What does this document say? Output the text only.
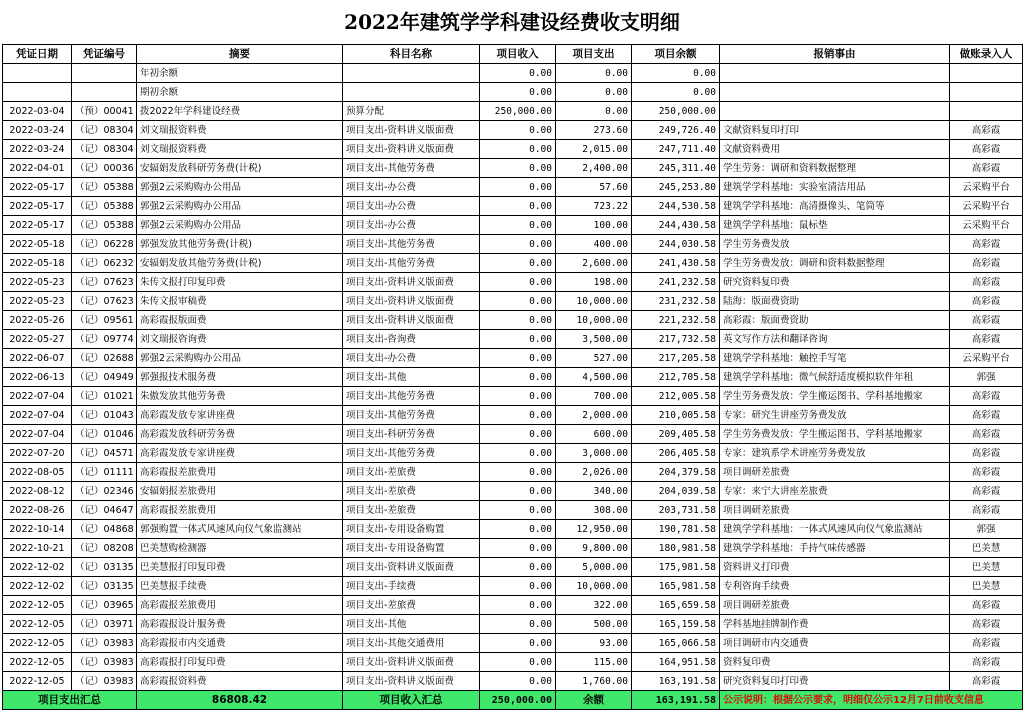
2022年建筑学学科建设经费收支明细
凭证日期	凭证编号	摘要	科目名称	项目收入	项目支出	项目余额	报销事由	做账录入人
		年初余额		0.00	0.00	0.00		
		期初余额		0.00	0.00	0.00		
2022-03-04	（预）00041	拨2022年学科建设经费	预算分配	250,000.00	0.00	250,000.00		
2022-03-24	（记）08304	刘文瑞报资料费	项目支出-资料讲义版面费	0.00	273.60	249,726.40	文献资料复印打印	高彩霞
2022-03-24	（记）08304	刘文瑞报资料费	项目支出-资料讲义版面费	0.00	2,015.00	247,711.40	文献资料费用	高彩霞
2022-04-01	（记）00036	安辐娟发放科研劳务费(计税)	项目支出-其他劳务费	0.00	2,400.00	245,311.40	学生劳务：调研和资料数据整理	高彩霞
2022-05-17	（记）05388	郭强2云采购购办公用品	项目支出-办公费	0.00	57.60	245,253.80	建筑学学科基地：实验室清洁用品	云采购平台
2022-05-17	（记）05388	郭强2云采购购办公用品	项目支出-办公费	0.00	723.22	244,530.58	建筑学学科基地：高清摄像头、笔筒等	云采购平台
2022-05-17	（记）05388	郭强2云采购购办公用品	项目支出-办公费	0.00	100.00	244,430.58	建筑学学科基地：鼠标垫	云采购平台
2022-05-18	（记）06228	郭强发放其他劳务费(计税)	项目支出-其他劳务费	0.00	400.00	244,030.58	学生劳务费发放	高彩霞
2022-05-18	（记）06232	安辐娟发放其他劳务费(计税)	项目支出-其他劳务费	0.00	2,600.00	241,430.58	学生劳务费发放：调研和资料数据整理	高彩霞
2022-05-23	（记）07623	朱传文报打印复印费	项目支出-资料讲义版面费	0.00	198.00	241,232.58	研究资料复印费	高彩霞
2022-05-23	（记）07623	朱传文报审稿费	项目支出-资料讲义版面费	0.00	10,000.00	231,232.58	陆海：版面费资助	高彩霞
2022-05-26	（记）09561	高彩霞报版面费	项目支出-资料讲义版面费	0.00	10,000.00	221,232.58	高彩霞：版面费资助	高彩霞
2022-05-27	（记）09774	刘文瑞报咨询费	项目支出-咨询费	0.00	3,500.00	217,732.58	英文写作方法和翻译咨询	高彩霞
2022-06-07	（记）02688	郭强2云采购购办公用品	项目支出-办公费	0.00	527.00	217,205.58	建筑学学科基地：触控手写笔	云采购平台
2022-06-13	（记）04949	郭强报技术服务费	项目支出-其他	0.00	4,500.00	212,705.58	建筑学学科基地：微气候舒适度模拟软件年租	郭强
2022-07-04	（记）01021	朱傲发放其他劳务费	项目支出-其他劳务费	0.00	700.00	212,005.58	学生劳务费发放：学生搬运图书、学科基地搬家	高彩霞
2022-07-04	（记）01043	高彩霞发放专家讲座费	项目支出-其他劳务费	0.00	2,000.00	210,005.58	专家：研究生讲座劳务费发放	高彩霞
2022-07-04	（记）01046	高彩霞发放科研劳务费	项目支出-科研劳务费	0.00	600.00	209,405.58	学生劳务费发放：学生搬运图书、学科基地搬家	高彩霞
2022-07-20	（记）04571	高彩霞发放专家讲座费	项目支出-其他劳务费	0.00	3,000.00	206,405.58	专家：建筑系学术讲座劳务费发放	高彩霞
2022-08-05	（记）01111	高彩霞报差旅费用	项目支出-差旅费	0.00	2,026.00	204,379.58	项目调研差旅费	高彩霞
2022-08-12	（记）02346	安辐娟报差旅费用	项目支出-差旅费	0.00	340.00	204,039.58	专家：来宁大讲座差旅费	高彩霞
2022-08-26	（记）04647	高彩霞报差旅费用	项目支出-差旅费	0.00	308.00	203,731.58	项目调研差旅费	高彩霞
2022-10-14	（记）04868	郭强购置一体式风速风向仪气象监测站	项目支出-专用设备购置	0.00	12,950.00	190,781.58	建筑学学科基地：一体式风速风向仪气象监测站	郭强
2022-10-21	（记）08208	巴美慧购检测器	项目支出-专用设备购置	0.00	9,800.00	180,981.58	建筑学学科基地：手持气味传感器	巴美慧
2022-12-02	（记）03135	巴美慧报打印复印费	项目支出-资料讲义版面费	0.00	5,000.00	175,981.58	资料讲义打印费	巴美慧
2022-12-02	（记）03135	巴美慧报手续费	项目支出-手续费	0.00	10,000.00	165,981.58	专利咨询手续费	巴美慧
2022-12-05	（记）03965	高彩霞报差旅费用	项目支出-差旅费	0.00	322.00	165,659.58	项目调研差旅费	高彩霞
2022-12-05	（记）03971	高彩霞报设计服务费	项目支出-其他	0.00	500.00	165,159.58	学科基地挂牌制作费	高彩霞
2022-12-05	（记）03983	高彩霞报市内交通费	项目支出-其他交通费用	0.00	93.00	165,066.58	项目调研市内交通费	高彩霞
2022-12-05	（记）03983	高彩霞报打印复印费	项目支出-资料讲义版面费	0.00	115.00	164,951.58	资料复印费	高彩霞
2022-12-05	（记）03983	高彩霞报资料费	项目支出-资料讲义版面费	0.00	1,760.00	163,191.58	研究资料复印打印费	高彩霞
项目支出汇总		86808.42	项目收入汇总	250,000.00	余额	163,191.58	公示说明：根据公示要求，明细仅公示12月7日前收支信息	
